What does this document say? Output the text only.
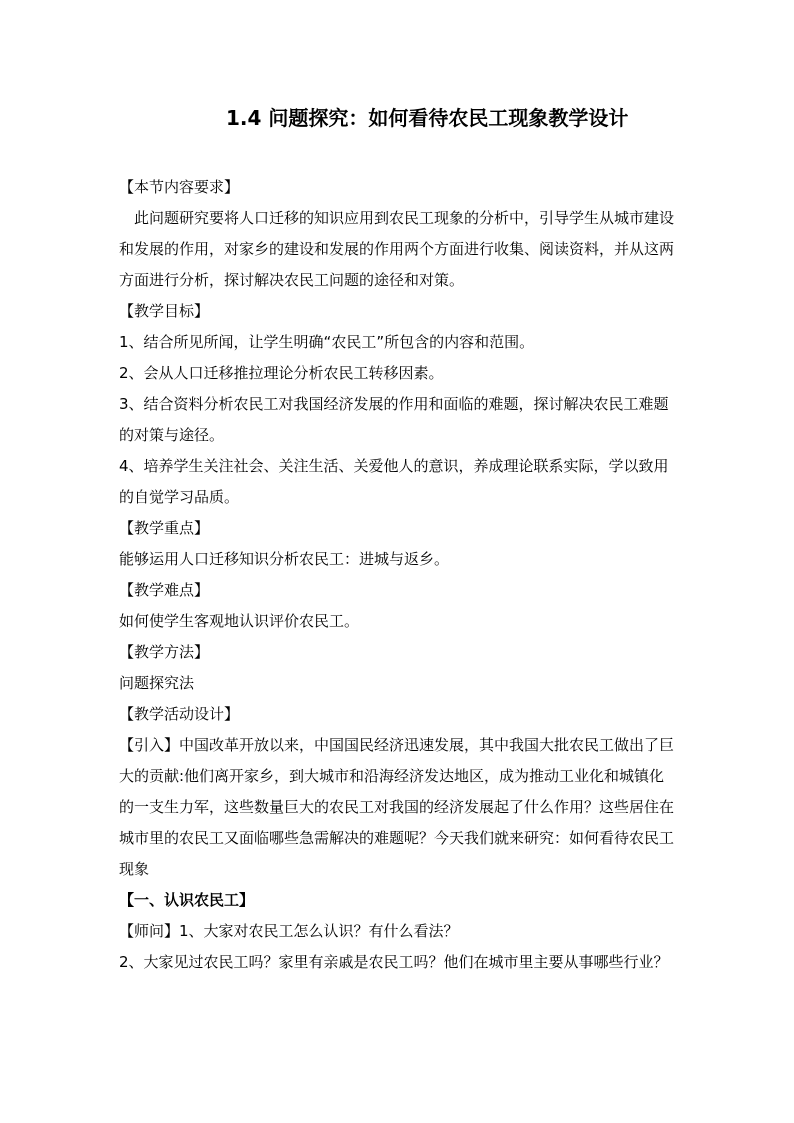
1.4 问题探究：如何看待农民工现象教学设计

【本节内容要求】

此问题研究要将人口迁移的知识应用到农民工现象的分析中，引导学生从城市建设和发展的作用，对家乡的建设和发展的作用两个方面进行收集、阅读资料，并从这两方面进行分析，探讨解决农民工问题的途径和对策。

【教学目标】

1、结合所见所闻，让学生明确“农民工”所包含的内容和范围。

2、会从人口迁移推拉理论分析农民工转移因素。

3、结合资料分析农民工对我国经济发展的作用和面临的难题，探讨解决农民工难题的对策与途径。

4、培养学生关注社会、关注生活、关爱他人的意识，养成理论联系实际，学以致用的自觉学习品质。

【教学重点】

能够运用人口迁移知识分析农民工：进城与返乡。

【教学难点】

如何使学生客观地认识评价农民工。

【教学方法】

问题探究法

【教学活动设计】

【引入】中国改革开放以来，中国国民经济迅速发展，其中我国大批农民工做出了巨大的贡献:他们离开家乡，到大城市和沿海经济发达地区，成为推动工业化和城镇化的一支生力军，这些数量巨大的农民工对我国的经济发展起了什么作用？这些居住在城市里的农民工又面临哪些急需解决的难题呢？今天我们就来研究：如何看待农民工现象

【一、认识农民工】

【师问】1、大家对农民工怎么认识？有什么看法？

2、大家见过农民工吗？家里有亲戚是农民工吗？他们在城市里主要从事哪些行业？
